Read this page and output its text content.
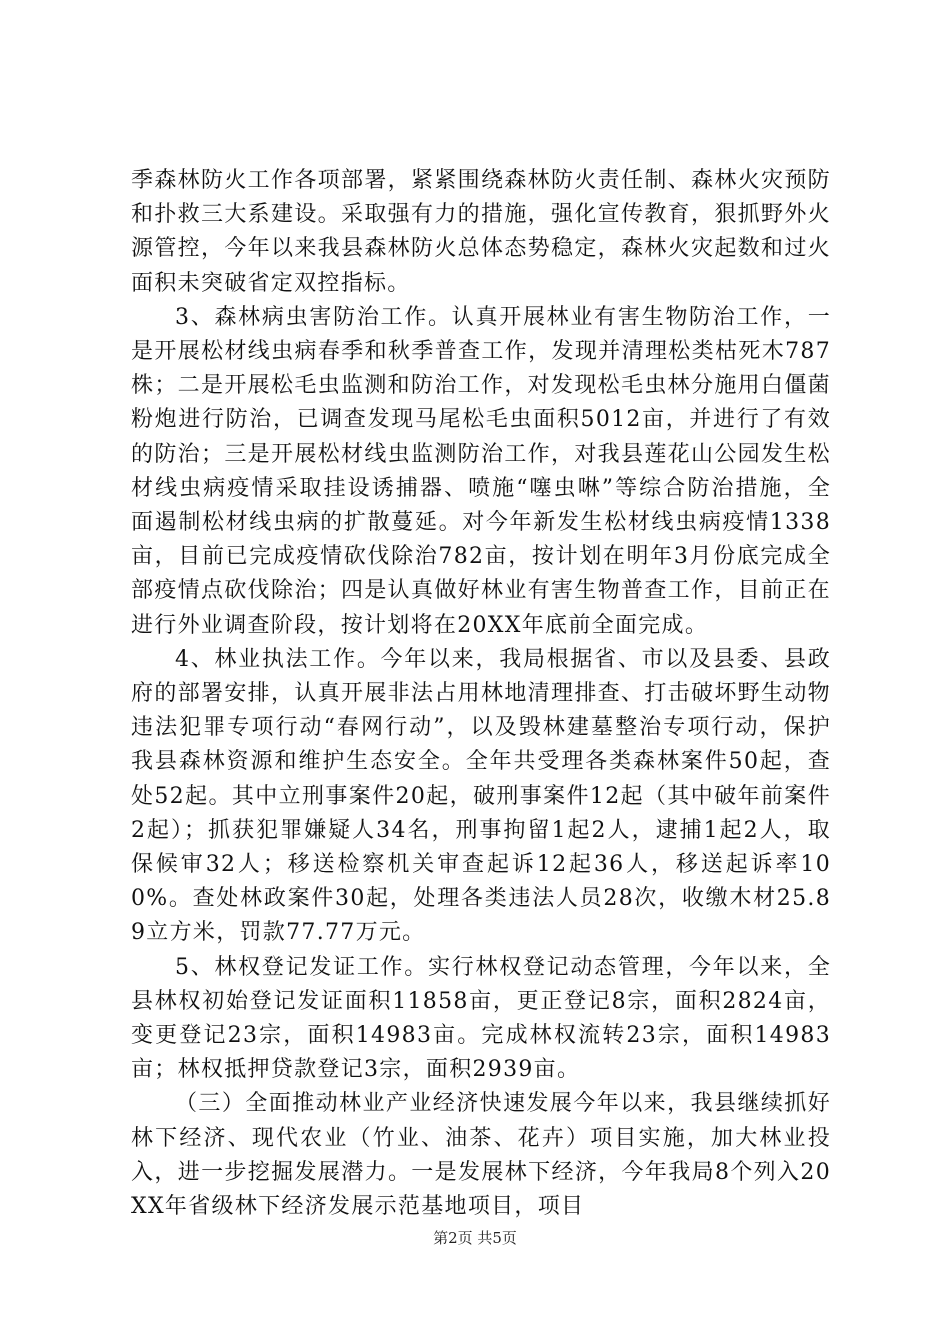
季森林防火工作各项部署，紧紧围绕森林防火责任制、森林火灾预防和扑救三大系建设。采取强有力的措施，强化宣传教育，狠抓野外火源管控，今年以来我县森林防火总体态势稳定，森林火灾起数和过火面积未突破省定双控指标。

3、森林病虫害防治工作。认真开展林业有害生物防治工作，一是开展松材线虫病春季和秋季普查工作，发现并清理松类枯死木787株；二是开展松毛虫监测和防治工作，对发现松毛虫林分施用白僵菌粉炮进行防治，已调查发现马尾松毛虫面积5012亩，并进行了有效的防治；三是开展松材线虫监测防治工作，对我县莲花山公园发生松材线虫病疫情采取挂设诱捕器、喷施“噻虫啉”等综合防治措施，全面遏制松材线虫病的扩散蔓延。对今年新发生松材线虫病疫情1338亩，目前已完成疫情砍伐除治782亩，按计划在明年3月份底完成全部疫情点砍伐除治；四是认真做好林业有害生物普查工作，目前正在进行外业调查阶段，按计划将在20XX年底前全面完成。

4、林业执法工作。今年以来，我局根据省、市以及县委、县政府的部署安排，认真开展非法占用林地清理排查、打击破坏野生动物违法犯罪专项行动“春网行动”，以及毁林建墓整治专项行动，保护我县森林资源和维护生态安全。全年共受理各类森林案件50起，查处52起。其中立刑事案件20起，破刑事案件12起（其中破年前案件2起）；抓获犯罪嫌疑人34名，刑事拘留1起2人，逮捕1起2人，取保候审32人；移送检察机关审查起诉12起36人，移送起诉率100%。查处林政案件30起，处理各类违法人员28次，收缴木材25.89立方米，罚款77.77万元。

5、林权登记发证工作。实行林权登记动态管理，今年以来，全县林权初始登记发证面积11858亩，更正登记8宗，面积2824亩，变更登记23宗，面积14983亩。完成林权流转23宗，面积14983亩；林权抵押贷款登记3宗，面积2939亩。

（三）全面推动林业产业经济快速发展今年以来，我县继续抓好林下经济、现代农业（竹业、油茶、花卉）项目实施，加大林业投入，进一步挖掘发展潜力。一是发展林下经济，今年我局8个列入20XX年省级林下经济发展示范基地项目，项目

第2页 共5页
